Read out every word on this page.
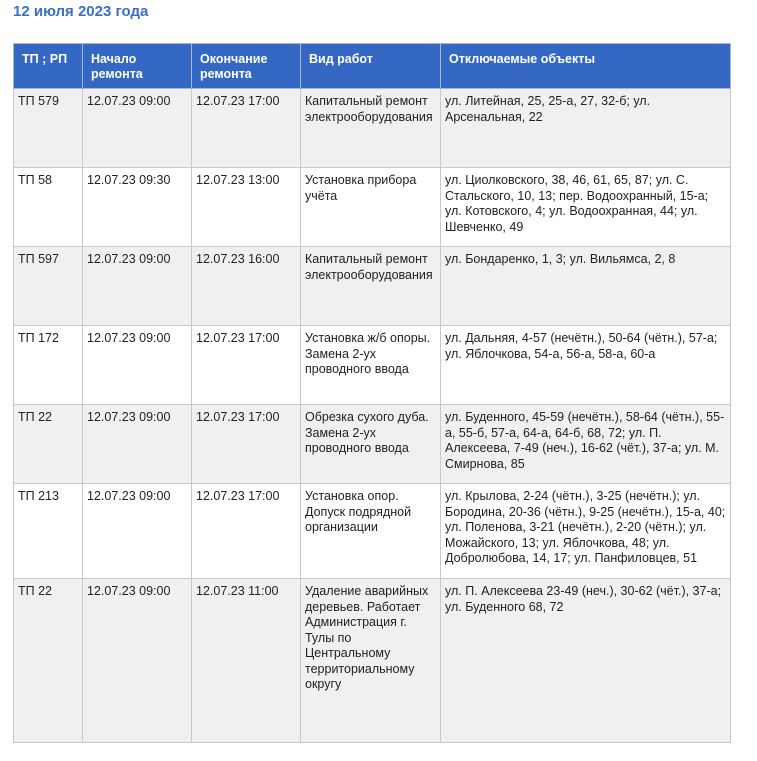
12 июля 2023 года
ТП ; РП	Начало ремонта	Окончание ремонта	Вид работ	Отключаемые объекты
ТП 579	12.07.23 09:00	12.07.23 17:00	Капитальный ремонт электрооборудования	ул. Литейная, 25, 25-а, 27, 32-б; ул. Арсенальная, 22
ТП 58	12.07.23 09:30	12.07.23 13:00	Установка прибора учёта	ул. Циолковского, 38, 46, 61, 65, 87; ул. С. Стальского, 10, 13; пер. Водоохранный, 15-а; ул. Котовского, 4; ул. Водоохранная, 44; ул. Шевченко, 49
ТП 597	12.07.23 09:00	12.07.23 16:00	Капитальный ремонт электрооборудования	ул. Бондаренко, 1, 3; ул. Вильямса, 2, 8
ТП 172	12.07.23 09:00	12.07.23 17:00	Установка ж/б опоры. Замена 2-ух проводного ввода	ул. Дальняя, 4-57 (нечётн.), 50-64 (чётн.), 57-а; ул. Яблочкова, 54-а, 56-а, 58-а, 60-а
ТП 22	12.07.23 09:00	12.07.23 17:00	Обрезка сухого дуба. Замена 2-ух проводного ввода	ул. Буденного, 45-59 (нечётн.), 58-64 (чётн.), 55-а, 55-б, 57-а, 64-а, 64-б, 68, 72; ул. П. Алексеева, 7-49 (неч.), 16-62 (чёт.), 37-а; ул. М. Смирнова, 85
ТП 213	12.07.23 09:00	12.07.23 17:00	Установка опор. Допуск подрядной организации	ул. Крылова, 2-24 (чётн.), 3-25 (нечётн.); ул. Бородина, 20-36 (чётн.), 9-25 (нечётн.), 15-а, 40; ул. Поленова, 3-21 (нечётн.), 2-20 (чётн.); ул. Можайского, 13; ул. Яблочкова, 48; ул. Добролюбова, 14, 17; ул. Панфиловцев, 51
ТП 22	12.07.23 09:00	12.07.23 11:00	Удаление аварийных деревьев. Работает Администрация г. Тулы по Центральному территориальному округу	ул. П. Алексеева 23-49 (неч.), 30-62 (чёт.), 37-а; ул. Буденного 68, 72
